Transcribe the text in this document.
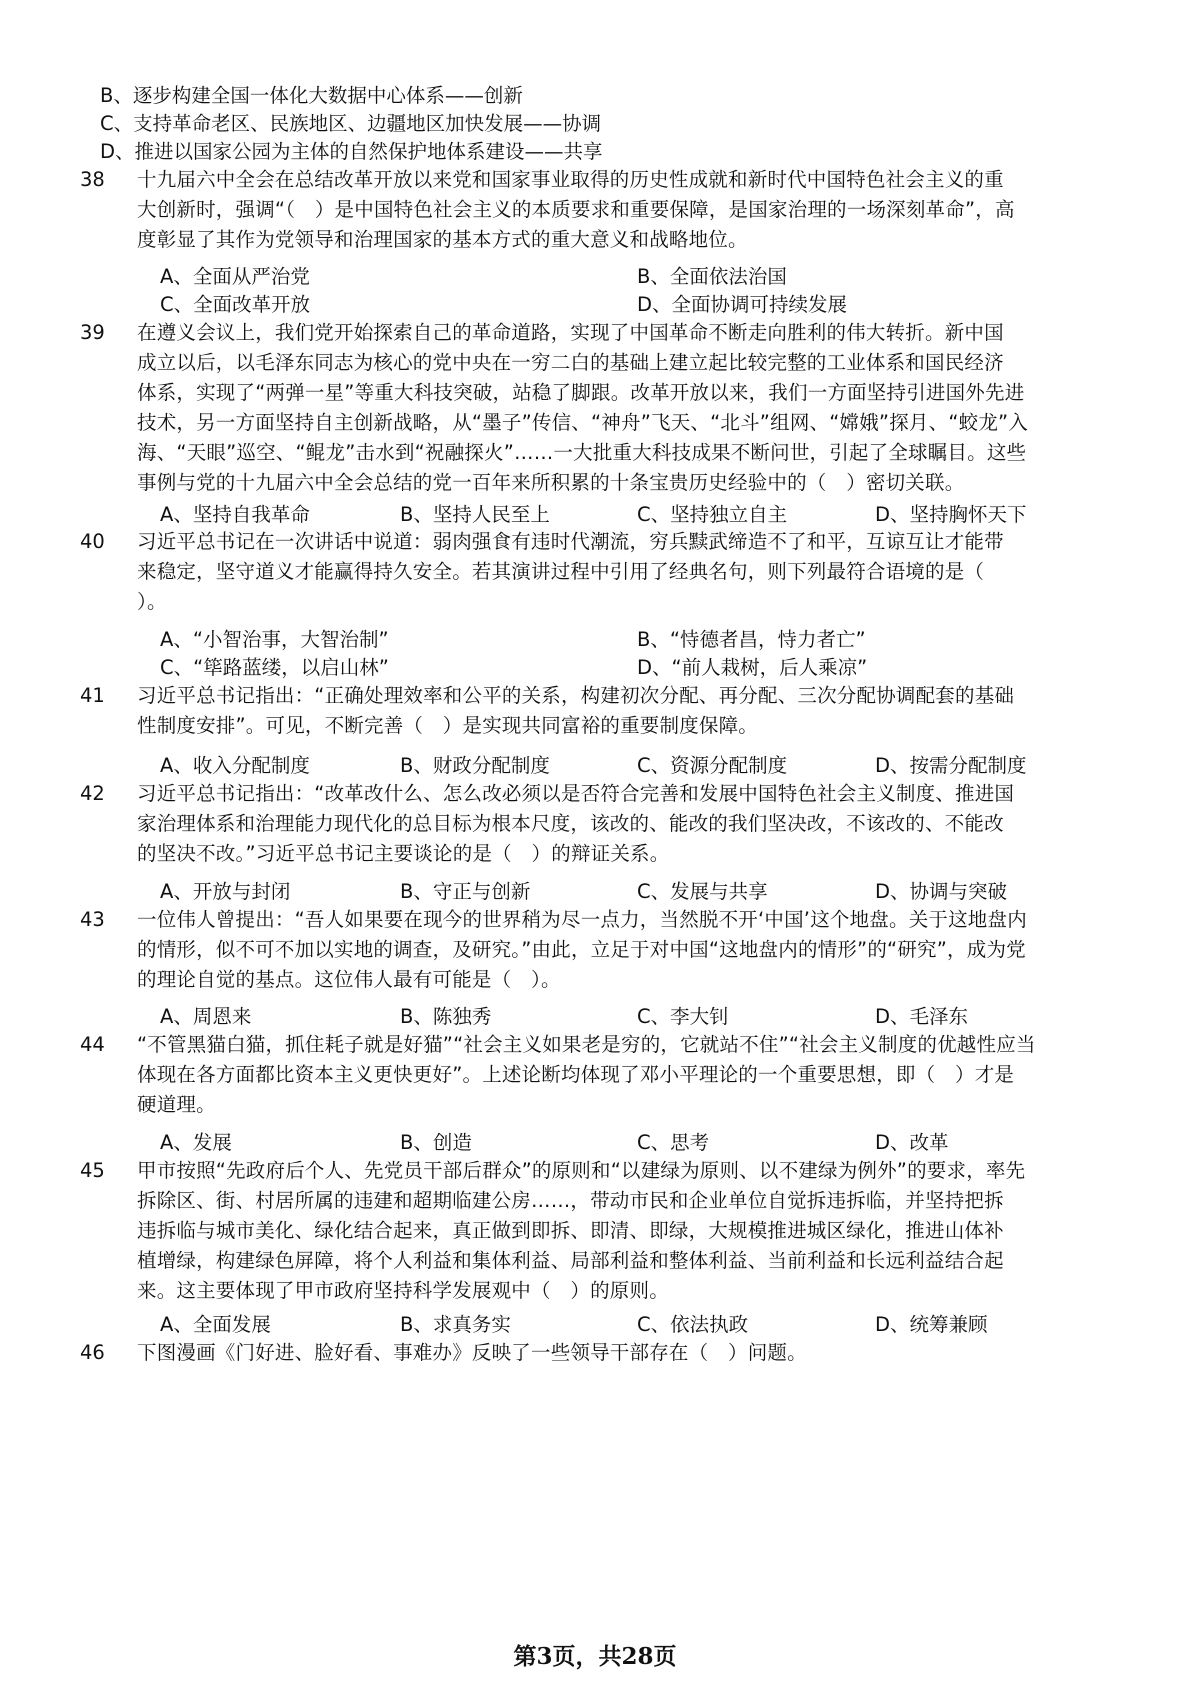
B、逐步构建全国一体化大数据中心体系——创新
C、支持革命老区、民族地区、边疆地区加快发展——协调
D、推进以国家公园为主体的自然保护地体系建设——共享
38 十九届六中全会在总结改革开放以来党和国家事业取得的历史性成就和新时代中国特色社会主义的重
大创新时，强调“（　）是中国特色社会主义的本质要求和重要保障，是国家治理的一场深刻革命”，高
度彰显了其作为党领导和治理国家的基本方式的重大意义和战略地位。
A、全面从严治党	B、全面依法治国
C、全面改革开放	D、全面协调可持续发展
39 在遵义会议上，我们党开始探索自己的革命道路，实现了中国革命不断走向胜利的伟大转折。新中国
成立以后，以毛泽东同志为核心的党中央在一穷二白的基础上建立起比较完整的工业体系和国民经济
体系，实现了“两弹一星”等重大科技突破，站稳了脚跟。改革开放以来，我们一方面坚持引进国外先进
技术，另一方面坚持自主创新战略，从“墨子”传信、“神舟”飞天、“北斗”组网、“嫦娥”探月、“蛟龙”入
海、“天眼”巡空、“鲲龙”击水到“祝融探火”……一大批重大科技成果不断问世，引起了全球瞩目。这些
事例与党的十九届六中全会总结的党一百年来所积累的十条宝贵历史经验中的（　）密切关联。
A、坚持自我革命	B、坚持人民至上	C、坚持独立自主	D、坚持胸怀天下
40 习近平总书记在一次讲话中说道：弱肉强食有违时代潮流，穷兵黩武缔造不了和平，互谅互让才能带
来稳定，坚守道义才能赢得持久安全。若其演讲过程中引用了经典名句，则下列最符合语境的是（
）。
A、“小智治事，大智治制”	B、“恃德者昌，恃力者亡”
C、“筚路蓝缕，以启山林”	D、“前人栽树，后人乘凉”
41 习近平总书记指出：“正确处理效率和公平的关系，构建初次分配、再分配、三次分配协调配套的基础
性制度安排”。可见，不断完善（　）是实现共同富裕的重要制度保障。
A、收入分配制度	B、财政分配制度	C、资源分配制度	D、按需分配制度
42 习近平总书记指出：“改革改什么、怎么改必须以是否符合完善和发展中国特色社会主义制度、推进国
家治理体系和治理能力现代化的总目标为根本尺度，该改的、能改的我们坚决改，不该改的、不能改
的坚决不改。”习近平总书记主要谈论的是（　）的辩证关系。
A、开放与封闭	B、守正与创新	C、发展与共享	D、协调与突破
43 一位伟人曾提出：“吾人如果要在现今的世界稍为尽一点力，当然脱不开‘中国’这个地盘。关于这地盘内
的情形，似不可不加以实地的调查，及研究。”由此，立足于对中国“这地盘内的情形”的“研究”，成为党
的理论自觉的基点。这位伟人最有可能是（　）。
A、周恩来	B、陈独秀	C、李大钊	D、毛泽东
44 “不管黑猫白猫，抓住耗子就是好猫”“社会主义如果老是穷的，它就站不住”“社会主义制度的优越性应当
体现在各方面都比资本主义更快更好”。上述论断均体现了邓小平理论的一个重要思想，即（　）才是
硬道理。
A、发展	B、创造	C、思考	D、改革
45 甲市按照“先政府后个人、先党员干部后群众”的原则和“以建绿为原则、以不建绿为例外”的要求，率先
拆除区、街、村居所属的违建和超期临建公房……，带动市民和企业单位自觉拆违拆临，并坚持把拆
违拆临与城市美化、绿化结合起来，真正做到即拆、即清、即绿，大规模推进城区绿化，推进山体补
植增绿，构建绿色屏障，将个人利益和集体利益、局部利益和整体利益、当前利益和长远利益结合起
来。这主要体现了甲市政府坚持科学发展观中（　）的原则。
A、全面发展	B、求真务实	C、依法执政	D、统筹兼顾
46 下图漫画《门好进、脸好看、事难办》反映了一些领导干部存在（　）问题。
第3页，共28页
